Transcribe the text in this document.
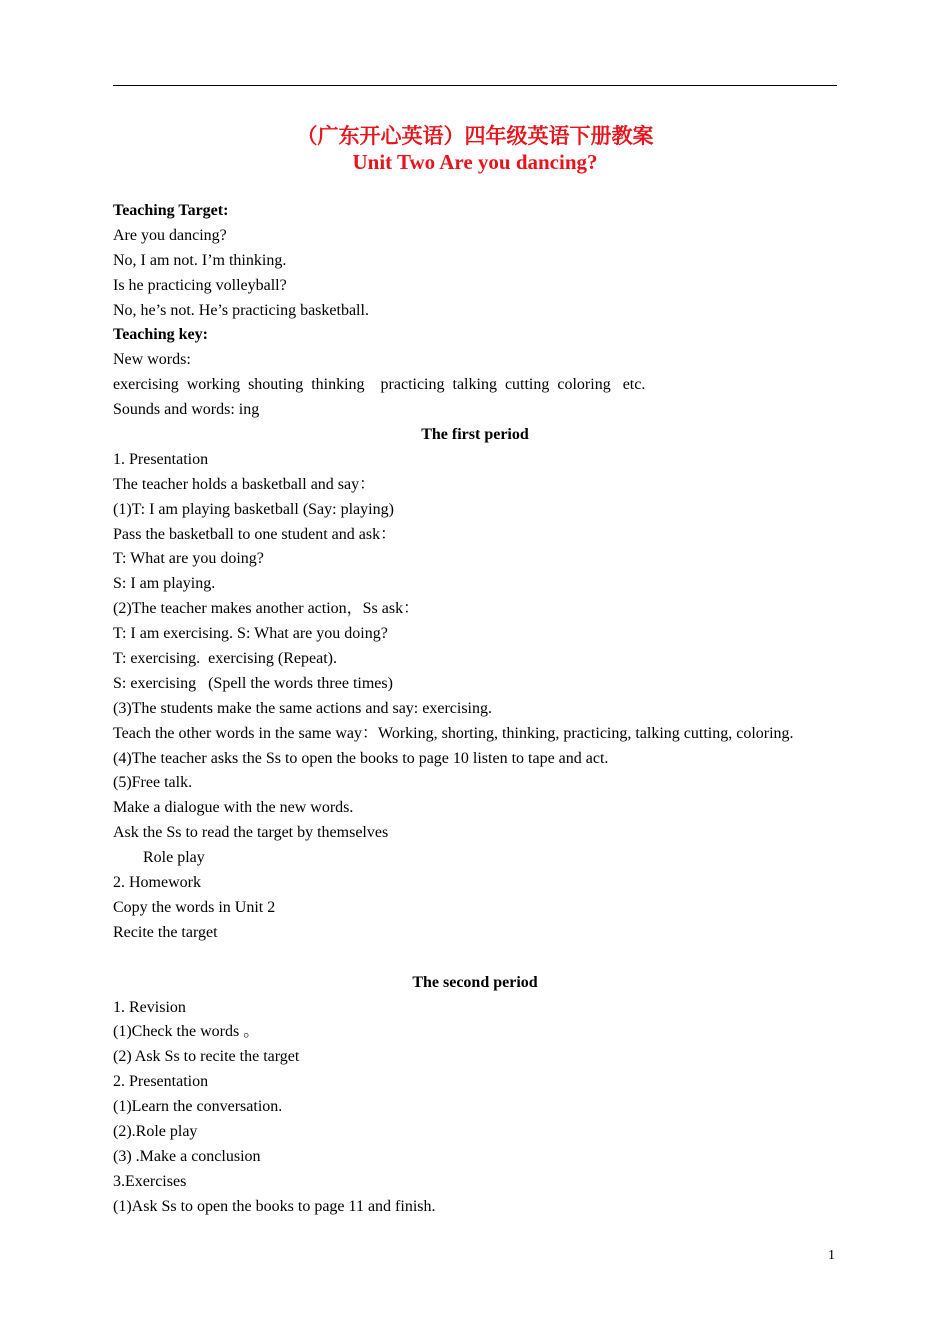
（广东开心英语）四年级英语下册教案
Unit Two Are you dancing?
Teaching Target:
Are you dancing?
No, I am not. I’m thinking.
Is he practicing volleyball?
No, he’s not. He’s practicing basketball.
Teaching key:
New words:
exercising  working  shouting  thinking    practicing  talking  cutting  coloring   etc.
Sounds and words: ing
The first period
1. Presentation
The teacher holds a basketball and say：
(1)T: I am playing basketball (Say: playing)
Pass the basketball to one student and ask：
T: What are you doing?
S: I am playing.
(2)The teacher makes another action，Ss ask：
T: I am exercising. S: What are you doing?
T: exercising.  exercising (Repeat).
S: exercising   (Spell the words three times)
(3)The students make the same actions and say: exercising.
Teach the other words in the same way：Working, shorting, thinking, practicing, talking cutting, coloring.
(4)The teacher asks the Ss to open the books to page 10 listen to tape and act.
(5)Free talk.
Make a dialogue with the new words.
Ask the Ss to read the target by themselves
Role play
2. Homework
Copy the words in Unit 2
Recite the target
The second period
1. Revision
(1)Check the words 。
(2) Ask Ss to recite the target
2. Presentation
(1)Learn the conversation.
(2).Role play
(3) .Make a conclusion
3.Exercises
(1)Ask Ss to open the books to page 11 and finish.
1
